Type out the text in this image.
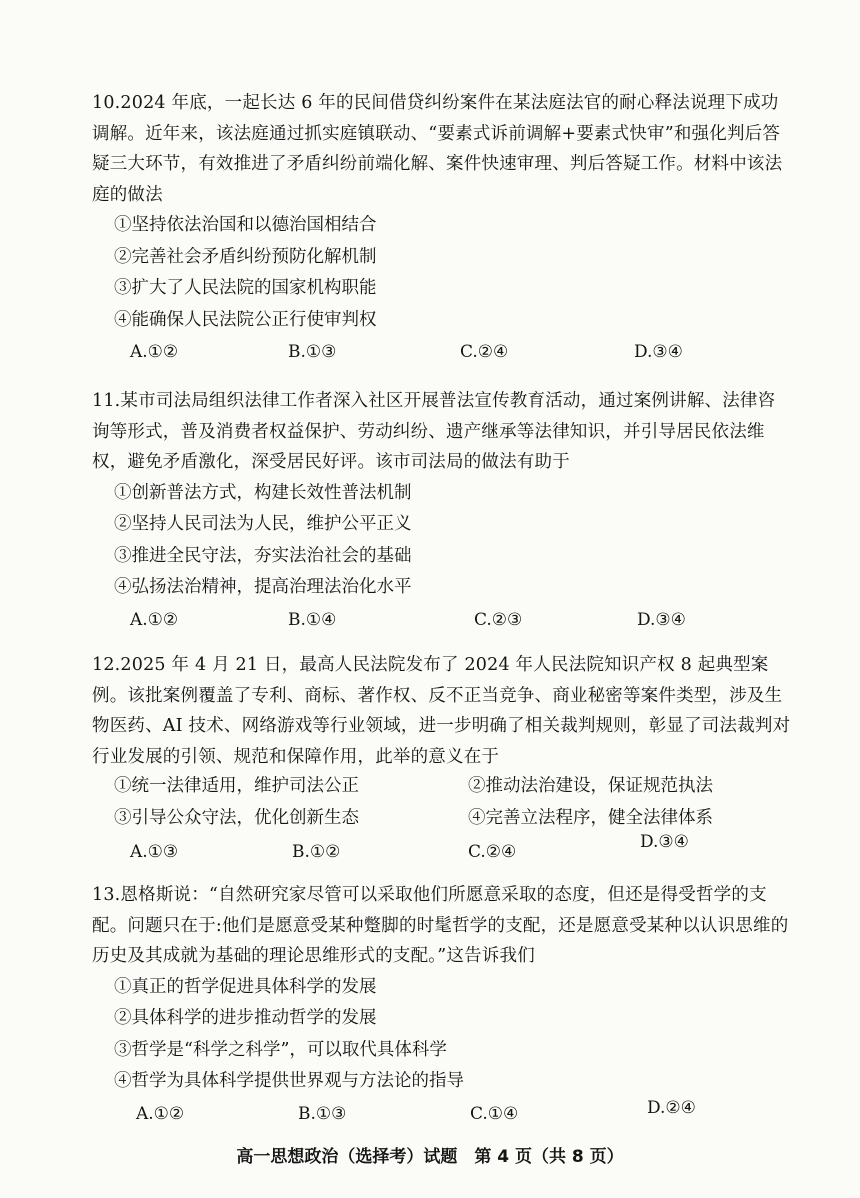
10.2024 年底，一起长达 6 年的民间借贷纠纷案件在某法庭法官的耐心释法说理下成功调解。近年来，该法庭通过抓实庭镇联动、“要素式诉前调解+要素式快审”和强化判后答疑三大环节，有效推进了矛盾纠纷前端化解、案件快速审理、判后答疑工作。材料中该法庭的做法

①坚持依法治国和以德治国相结合

②完善社会矛盾纠纷预防化解机制

③扩大了人民法院的国家机构职能

④能确保人民法院公正行使审判权

A.①②	B.①③	C.②④	D.③④

11.某市司法局组织法律工作者深入社区开展普法宣传教育活动，通过案例讲解、法律咨询等形式，普及消费者权益保护、劳动纠纷、遗产继承等法律知识，并引导居民依法维权，避免矛盾激化，深受居民好评。该市司法局的做法有助于

①创新普法方式，构建长效性普法机制

②坚持人民司法为人民，维护公平正义

③推进全民守法，夯实法治社会的基础

④弘扬法治精神，提高治理法治化水平

A.①②	B.①④	C.②③	D.③④

12.2025 年 4 月 21 日，最高人民法院发布了 2024 年人民法院知识产权 8 起典型案例。该批案例覆盖了专利、商标、著作权、反不正当竞争、商业秘密等案件类型，涉及生物医药、AI 技术、网络游戏等行业领域，进一步明确了相关裁判规则，彰显了司法裁判对行业发展的引领、规范和保障作用，此举的意义在于

①统一法律适用，维护司法公正	②推动法治建设，保证规范执法
③引导公众守法，优化创新生态	④完善立法程序，健全法律体系
A.①③	B.①②	C.②④	D.③④

13.恩格斯说：“自然研究家尽管可以采取他们所愿意采取的态度，但还是得受哲学的支配。问题只在于:他们是愿意受某种蹩脚的时髦哲学的支配，还是愿意受某种以认识思维的历史及其成就为基础的理论思维形式的支配。”这告诉我们

①真正的哲学促进具体科学的发展

②具体科学的进步推动哲学的发展

③哲学是“科学之科学”，可以取代具体科学

④哲学为具体科学提供世界观与方法论的指导

A.①②	B.①③	C.①④	D.②④
高一思想政治（选择考）试题　第 4 页（共 8 页）
